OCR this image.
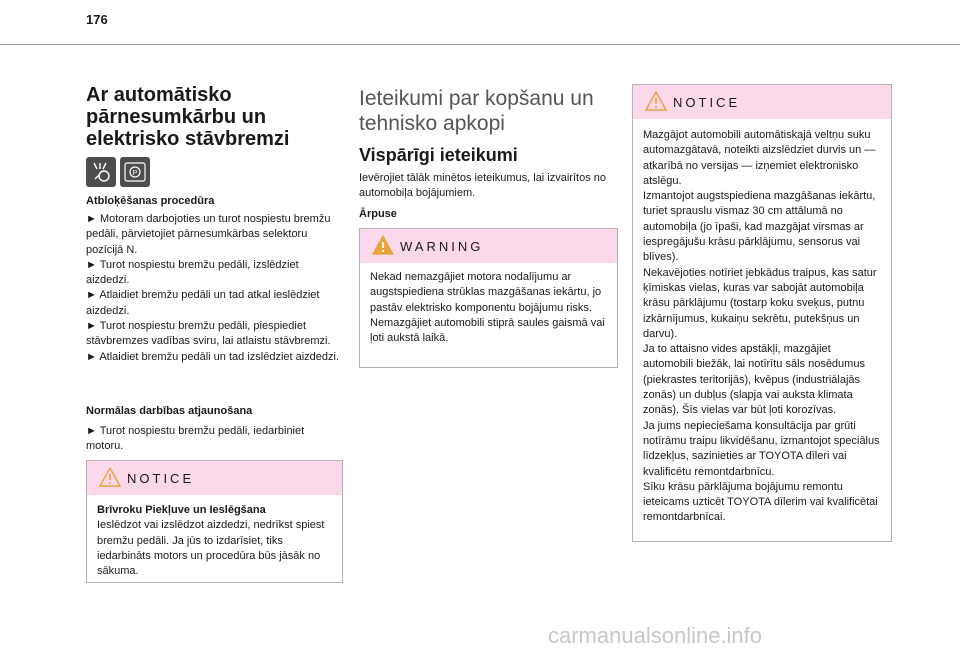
176
Ar automātisko pārnesumkārbu un elektrisko stāvbremzi
P
Atbloķēšanas procedūra
► Motoram darbojoties un turot nospiestu bremžu pedāli, pārvietojiet pārnesumkārbas selektoru pozīcijā N.
► Turot nospiestu bremžu pedāli, izslēdziet aizdedzi.
► Atlaidiet bremžu pedāli un tad atkal ieslēdziet aizdedzi.
► Turot nospiestu bremžu pedāli, piespiediet stāvbremzes vadības sviru, lai atlaistu stāvbremzi.
► Atlaidiet bremžu pedāli un tad izslēdziet aizdedzi.
Normālas darbības atjaunošana
► Turot nospiestu bremžu pedāli, iedarbiniet motoru.
NOTICE
Brīvroku Piekļuve un Ieslēgšana
Ieslēdzot vai izslēdzot aizdedzi, nedrīkst spiest bremžu pedāli. Ja jūs to izdarīsiet, tiks iedarbināts motors un procedūra būs jāsāk no sākuma.
Ieteikumi par kopšanu un tehnisko apkopi
Vispārīgi ieteikumi
Ievērojiet tālāk minētos ieteikumus, lai izvairītos no automobiļa bojājumiem.
Ārpuse
WARNING
Nekad nemazgājiet motora nodalījumu ar augstspiediena strūklas mazgāšanas iekārtu, jo pastāv elektrisko komponentu bojājumu risks.
Nemazgājiet automobili stiprā saules gaismā vai ļoti aukstā laikā.
NOTICE
Mazgājot automobili automātiskajā veltņu suku automazgātavā, noteikti aizslēdziet durvis un — atkarībā no versijas — izņemiet elektronisko atslēgu.
Izmantojot augstspiediena mazgāšanas iekārtu, turiet sprauslu vismaz 30 cm attālumā no automobiļa (jo īpaši, kad mazgājat virsmas ar iespregājušu krāsu pārklājumu, sensorus vai blīves).
Nekavējoties notīriet jebkādus traipus, kas satur ķīmiskas vielas, kuras var sabojāt automobiļa krāsu pārklājumu (tostarp koku sveķus, putnu izkārnījumus, kukaiņu sekrētu, putekšņus un darvu).
Ja to attaisno vides apstākļi, mazgājiet automobili biežāk, lai notīrītu sāls nosēdumus (piekrastes teritorijās), kvēpus (industriālajās zonās) un dubļus (slapja vai auksta klimata zonās). Šīs vielas var būt ļoti korozīvas.
Ja jums nepieciešama konsultācija par grūti notīrāmu traipu likvidēšanu, izmantojot speciālus līdzekļus, sazinieties ar TOYOTA dīleri vai kvalificētu remontdarbnīcu.
Sīku krāsu pārklājuma bojājumu remontu ieteicams uzticēt TOYOTA dīlerim vai kvalificētai remontdarbnīcai.
carmanualsonline.info
